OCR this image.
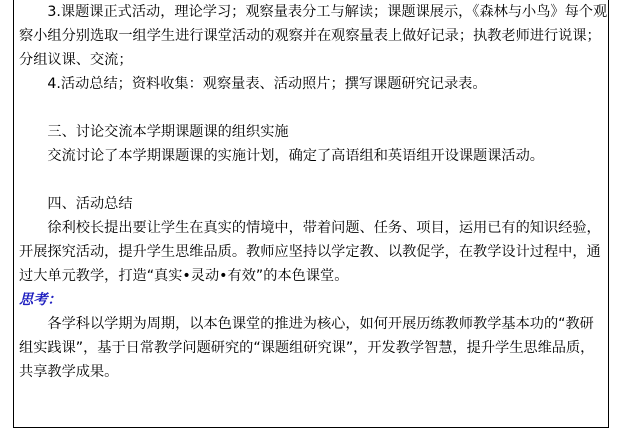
3.课题课正式活动，理论学习；观察量表分工与解读；课题课展示，《森林与小鸟》每个观察小组分别选取一组学生进行课堂活动的观察并在观察量表上做好记录；执教老师进行说课；分组议课、交流；

4.活动总结；资料收集：观察量表、活动照片；撰写课题研究记录表。

三、讨论交流本学期课题课的组织实施

交流讨论了本学期课题课的实施计划，确定了高语组和英语组开设课题课活动。

四、活动总结

徐利校长提出要让学生在真实的情境中，带着问题、任务、项目，运用已有的知识经验，开展探究活动，提升学生思维品质。教师应坚持以学定教、以教促学，在教学设计过程中，通过大单元教学，打造“真实•灵动•有效”的本色课堂。

思考：

各学科以学期为周期，以本色课堂的推进为核心，如何开展历练教师教学基本功的“教研组实践课”，基于日常教学问题研究的“课题组研究课”，开发教学智慧，提升学生思维品质，共享教学成果。
